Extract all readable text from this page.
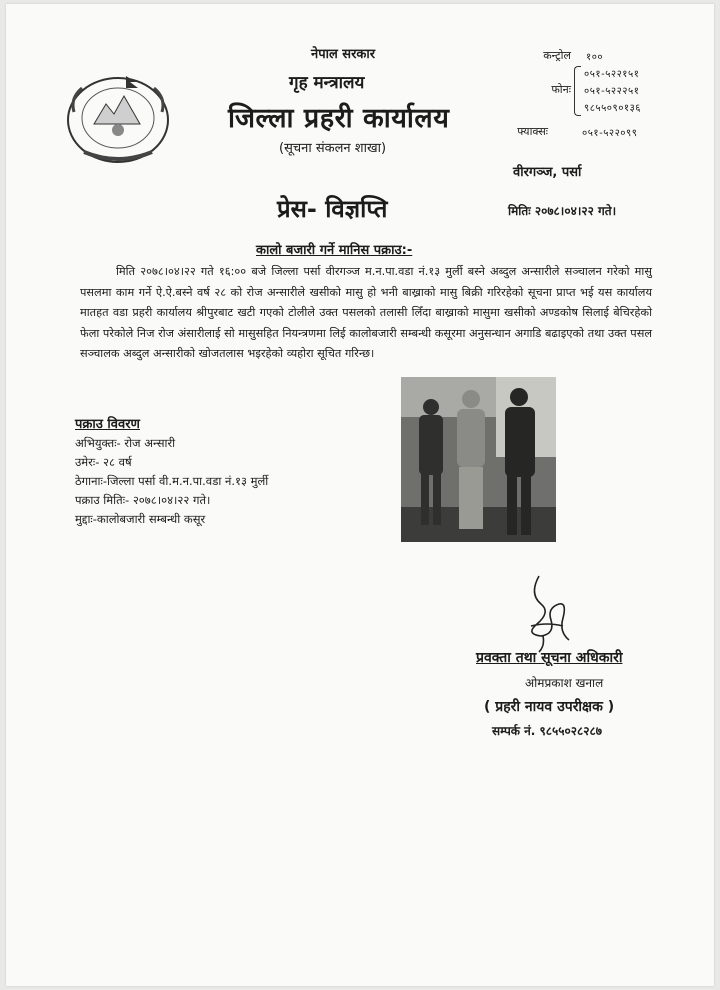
नेपाल सरकार
गृह मन्त्रालय
जिल्ला प्रहरी कार्यालय
(सूचना संकलन शाखा)
कन्ट्रोल १००
फोनः
०५१-५२२१५१
०५१-५२२२५१
९८५५०९०१३६
फ्याक्सः	०५१-५२२०९९
वीरगञ्ज, पर्सा
प्रेस- विज्ञप्ति	मितिः २०७८।०४।२२ गते।
कालो बजारी गर्ने मानिस पक्राउ:-
मिति २०७८।०४।२२ गते १६:०० बजे जिल्ला पर्सा वीरगञ्ज म.न.पा.वडा नं.१३ मुर्ली बस्ने अब्दुल अन्सारीले सञ्चालन गरेको मासु पसलमा काम गर्ने ऐ.ऐ.बस्ने वर्ष २८ को रोज अन्सारीले खसीको मासु हो भनी बाख्राको मासु बिक्री गरिरहेको सूचना प्राप्त भई यस कार्यालय मातहत वडा प्रहरी कार्यालय श्रीपुरबाट खटी गएको टोलीले उक्त पसलको तलासी लिँदा बाख्राको मासुमा खसीको अण्डकोष सिलाई बेचिरहेको फेला परेकोले निज रोज अंसारीलाई सो मासुसहित नियन्त्रणमा लिई कालोबजारी सम्बन्धी कसूरमा अनुसन्धान अगाडि बढाइएको तथा उक्त पसल सञ्चालक अब्दुल अन्सारीको खोजतलास भइरहेको व्यहोरा सूचित गरिन्छ।
पक्राउ विवरण
अभियुक्तः- रोज अन्सारी
उमेरः- २८ वर्ष
ठेगानाः-जिल्ला पर्सा वी.म.न.पा.वडा नं.१३ मुर्ली
पक्राउ मितिः- २०७८।०४।२२ गते।
मुद्दाः-कालोबजारी सम्बन्धी कसूर
प्रवक्ता तथा सूचना अधिकारी
ओमप्रकाश खनाल
( प्रहरी नायव उपरीक्षक )
सम्पर्क नं. ९८५५०२८२८७
